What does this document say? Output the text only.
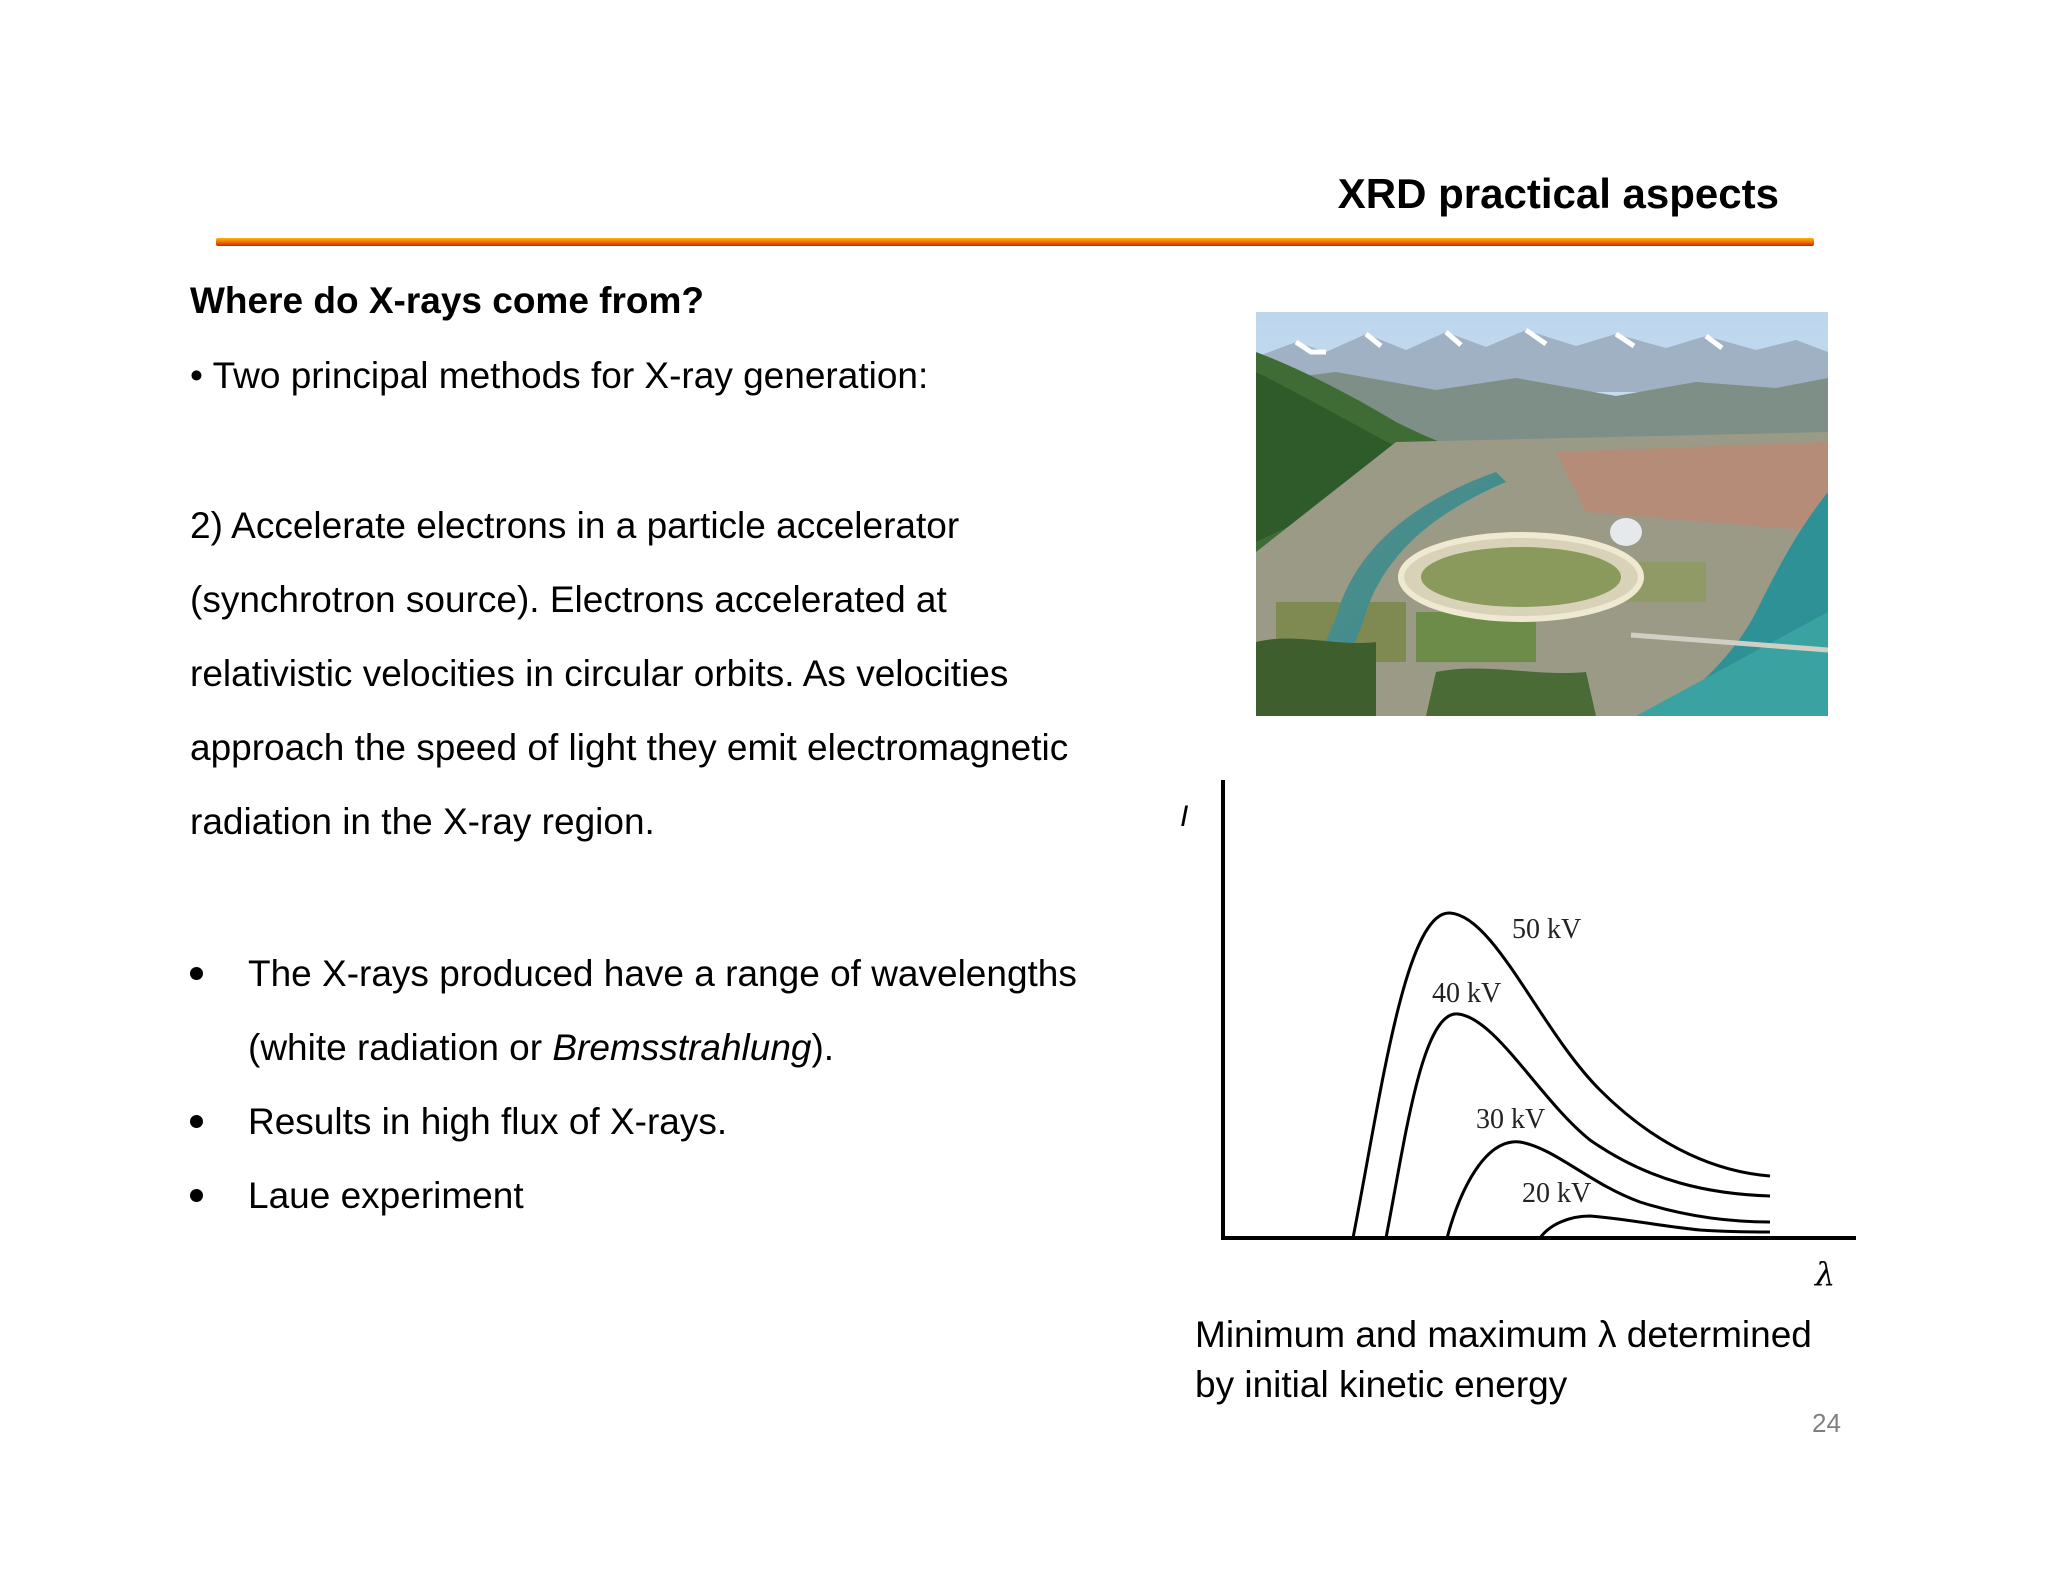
XRD practical aspects
Where do X-rays come from?
• Two principal methods for X-ray generation:
2) Accelerate electrons in a particle accelerator
(synchrotron source). Electrons accelerated at
relativistic velocities in circular orbits. As velocities
approach the speed of light they emit electromagnetic
radiation in the X-ray region.
The X-rays produced have a range of wavelengths
(white radiation or Bremsstrahlung).
Results in high flux of X-rays.
Laue experiment
I
λ
50 kV
40 kV
30 kV
20 kV
Minimum and maximum λ determined
by initial kinetic energy
24
